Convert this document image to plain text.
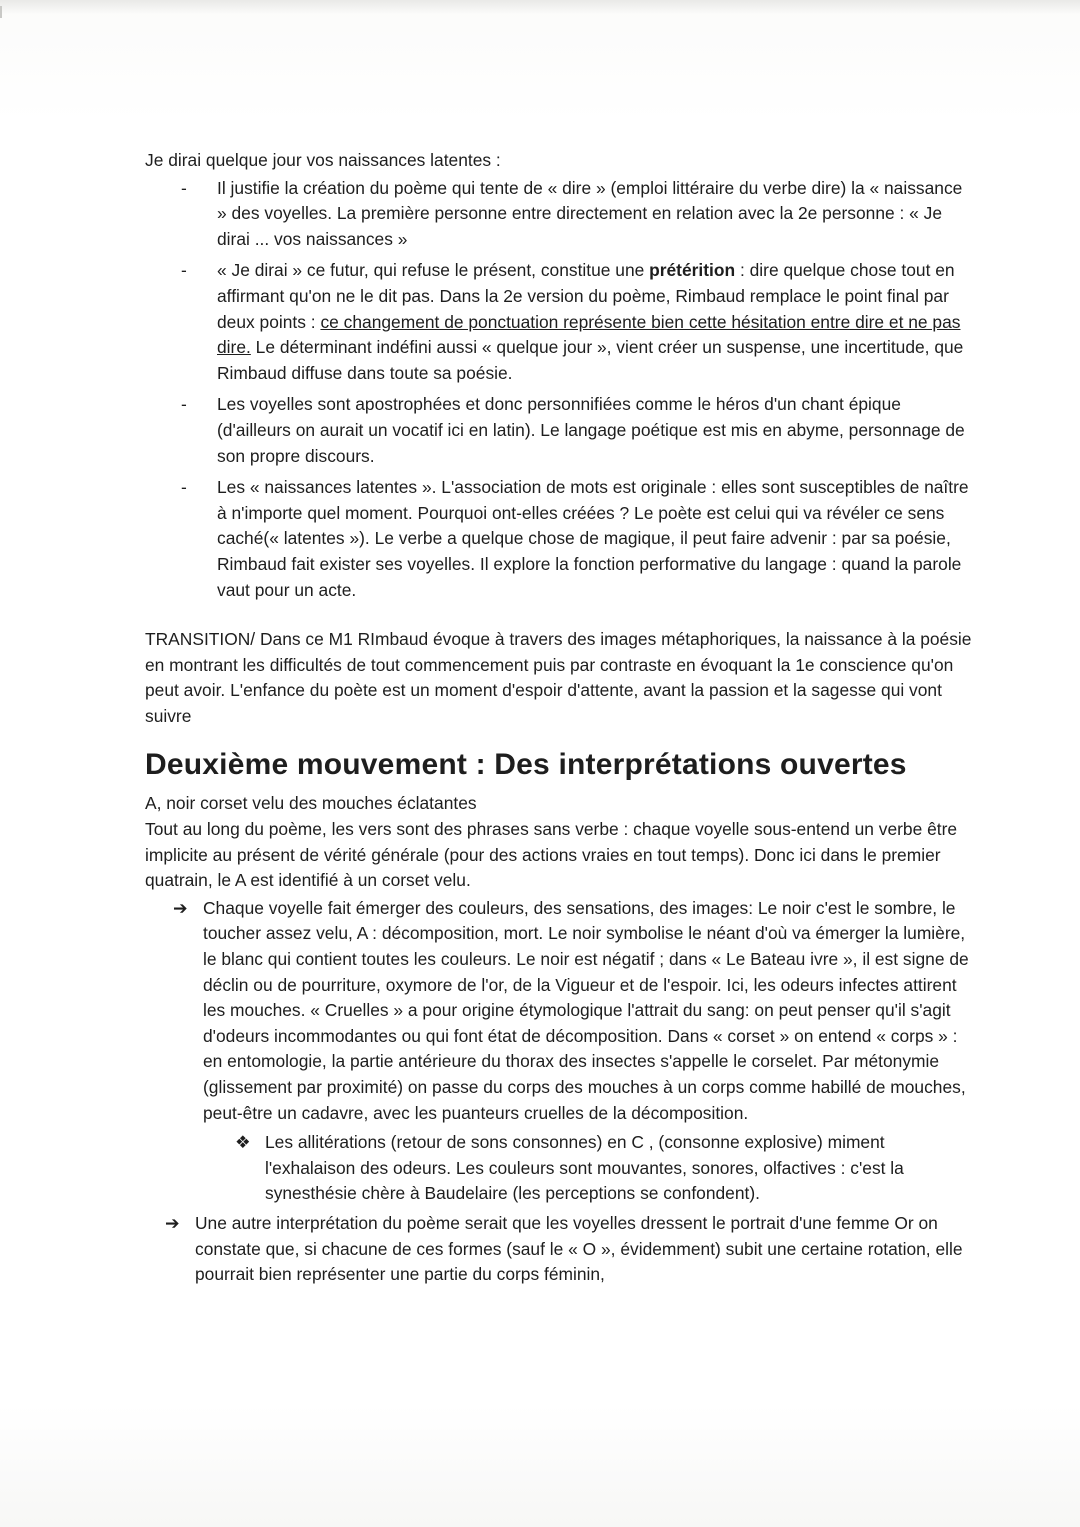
Je dirai quelque jour vos naissances latentes :

- Il justifie la création du poème qui tente de « dire » (emploi littéraire du verbe dire) la « naissance » des voyelles. La première personne entre directement en relation avec la 2e personne : « Je dirai ... vos naissances »
- « Je dirai » ce futur, qui refuse le présent, constitue une prétérition : dire quelque chose tout en affirmant qu'on ne le dit pas. Dans la 2e version du poème, Rimbaud remplace le point final par deux points : ce changement de ponctuation représente bien cette hésitation entre dire et ne pas dire. Le déterminant indéfini aussi « quelque jour », vient créer un suspense, une incertitude, que Rimbaud diffuse dans toute sa poésie.
- Les voyelles sont apostrophées et donc personnifiées comme le héros d'un chant épique (d'ailleurs on aurait un vocatif ici en latin). Le langage poétique est mis en abyme, personnage de son propre discours.
- Les « naissances latentes ». L'association de mots est originale : elles sont susceptibles de naître à n'importe quel moment. Pourquoi ont-elles créées ? Le poète est celui qui va révéler ce sens caché(« latentes »). Le verbe a quelque chose de magique, il peut faire advenir : par sa poésie, Rimbaud fait exister ses voyelles. Il explore la fonction performative du langage : quand la parole vaut pour un acte.

TRANSITION/ Dans ce M1 RImbaud évoque à travers des images métaphoriques, la naissance à la poésie en montrant les difficultés de tout commencement puis par contraste en évoquant la 1e conscience qu'on peut avoir. L'enfance du poète est un moment d'espoir d'attente, avant la passion et la sagesse qui vont suivre

Deuxième mouvement : Des interprétations ouvertes

A, noir corset velu des mouches éclatantes

Tout au long du poème, les vers sont des phrases sans verbe : chaque voyelle sous-entend un verbe être implicite au présent de vérité générale (pour des actions vraies en tout temps). Donc ici dans le premier quatrain, le A est identifié à un corset velu.

➔ Chaque voyelle fait émerger des couleurs, des sensations, des images: Le noir c'est le sombre, le toucher assez velu, A : décomposition, mort. Le noir symbolise le néant d'où va émerger la lumière, le blanc qui contient toutes les couleurs. Le noir est négatif ; dans « Le Bateau ivre », il est signe de déclin ou de pourriture, oxymore de l'or, de la Vigueur et de l'espoir. Ici, les odeurs infectes attirent les mouches. « Cruelles » a pour origine étymologique l'attrait du sang: on peut penser qu'il s'agit d'odeurs incommodantes ou qui font état de décomposition. Dans « corset » on entend « corps » : en entomologie, la partie antérieure du thorax des insectes s'appelle le corselet. Par métonymie (glissement par proximité) on passe du corps des mouches à un corps comme habillé de mouches, peut-être un cadavre, avec les puanteurs cruelles de la décomposition.
❖ Les allitérations (retour de sons consonnes) en C , (consonne explosive) miment l'exhalaison des odeurs. Les couleurs sont mouvantes, sonores, olfactives : c'est la synesthésie chère à Baudelaire (les perceptions se confondent).
➔ Une autre interprétation du poème serait que les voyelles dressent le portrait d'une femme Or on constate que, si chacune de ces formes (sauf le « O », évidemment) subit une certaine rotation, elle pourrait bien représenter une partie du corps féminin,
